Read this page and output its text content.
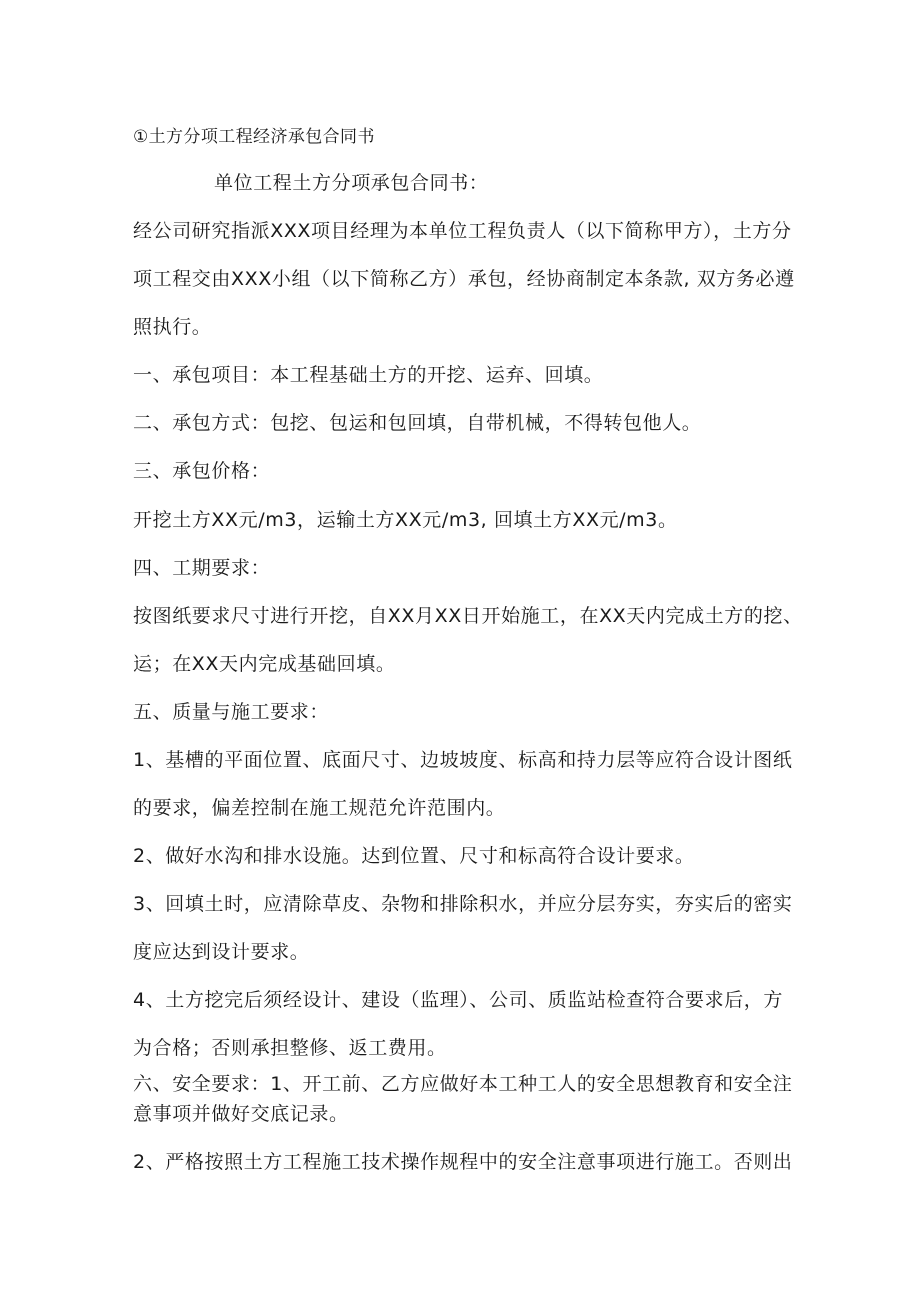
①土方分项工程经济承包合同书
单位工程土方分项承包合同书：
经公司研究指派XXX项目经理为本单位工程负责人（以下简称甲方），土方分
项工程交由XXX小组（以下简称乙方）承包，经协商制定本条款, 双方务必遵
照执行。
一、承包项目：本工程基础土方的开挖、运弃、回填。
二、承包方式：包挖、包运和包回填，自带机械，不得转包他人。
三、承包价格：
开挖土方XX元/m3，运输土方XX元/m3, 回填土方XX元/m3。
四、工期要求：
按图纸要求尺寸进行开挖，自XX月XX日开始施工，在XX天内完成土方的挖、
运；在XX天内完成基础回填。
五、质量与施工要求：
1、基槽的平面位置、底面尺寸、边坡坡度、标高和持力层等应符合设计图纸
的要求，偏差控制在施工规范允许范围内。
2、做好水沟和排水设施。达到位置、尺寸和标高符合设计要求。
3、回填土时，应清除草皮、杂物和排除积水，并应分层夯实，夯实后的密实
度应达到设计要求。
4、土方挖完后须经设计、建设（监理）、公司、质监站检查符合要求后，方
为合格；否则承担整修、返工费用。
六、安全要求：1、开工前、乙方应做好本工种工人的安全思想教育和安全注
意事项并做好交底记录。
2、严格按照土方工程施工技术操作规程中的安全注意事项进行施工。否则出
